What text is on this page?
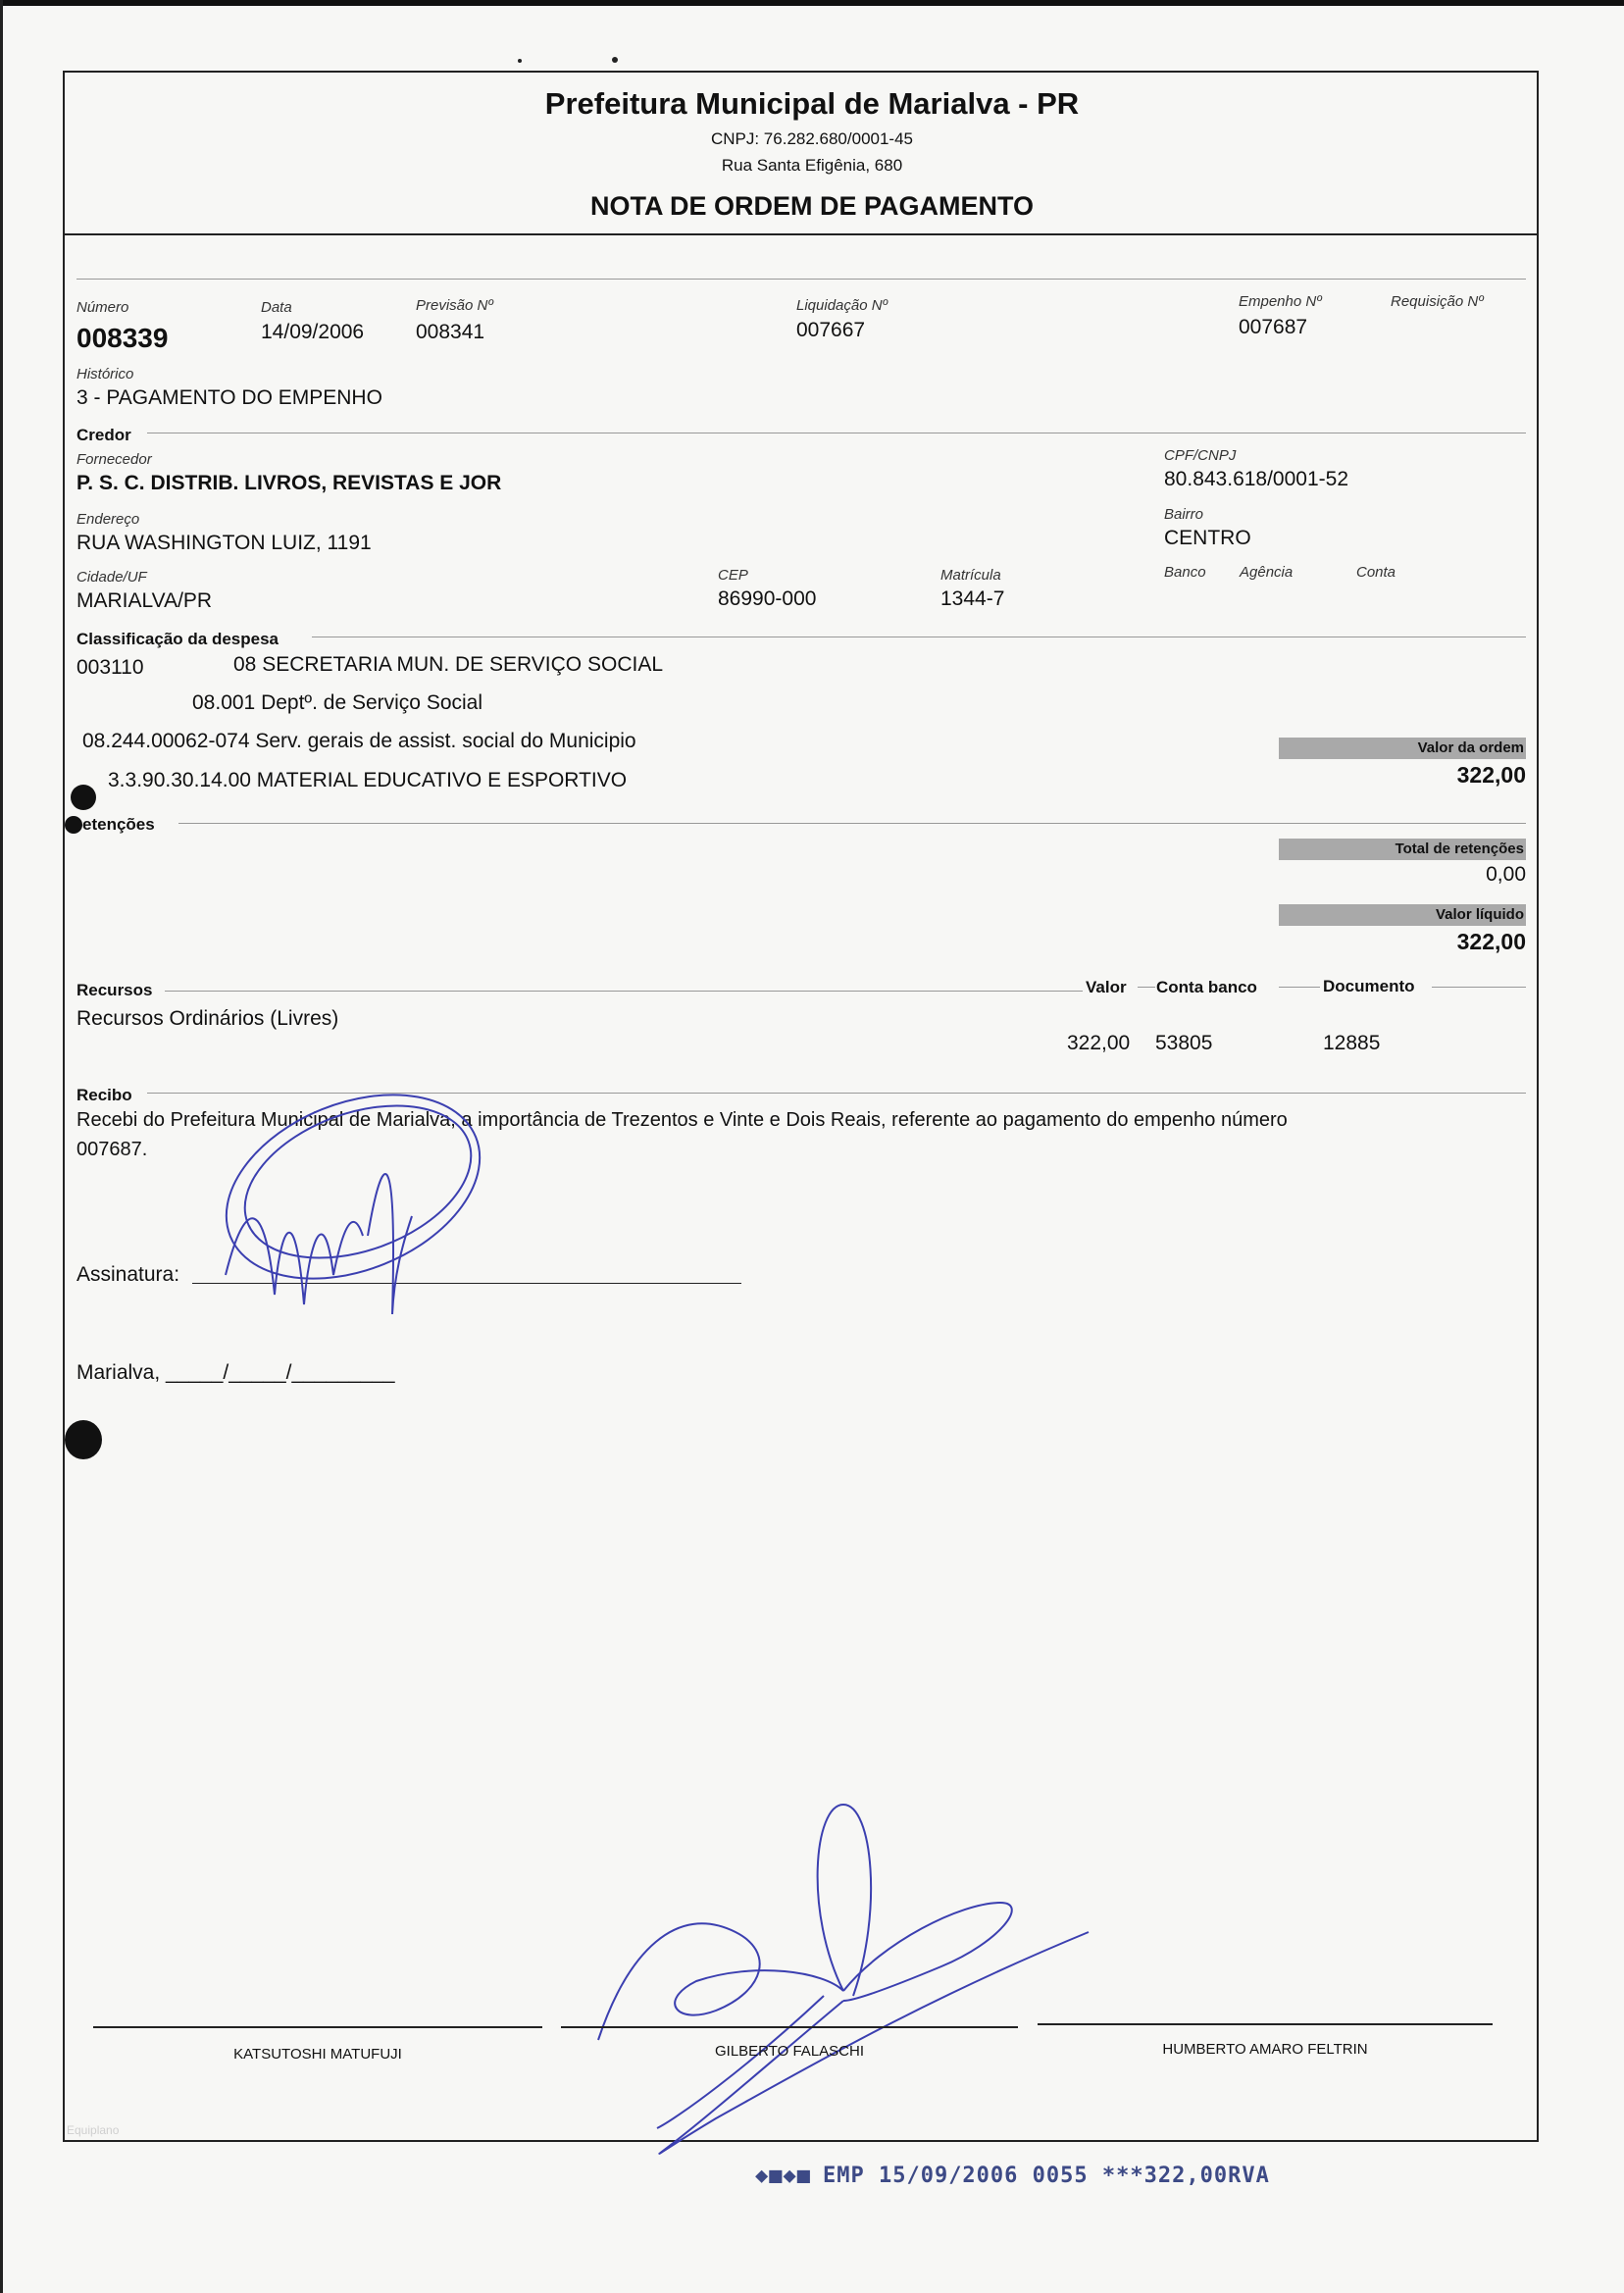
Prefeitura Municipal de Marialva - PR
CNPJ: 76.282.680/0001-45
Rua Santa Efigênia, 680
NOTA DE ORDEM DE PAGAMENTO
Número
008339
Data
14/09/2006
Previsão Nº
008341
Liquidação Nº
007667
Empenho Nº
007687
Requisição Nº
Histórico
3 - PAGAMENTO DO EMPENHO
Credor
Fornecedor
P. S. C. DISTRIB. LIVROS, REVISTAS E JOR
CPF/CNPJ
80.843.618/0001-52
Endereço
RUA WASHINGTON LUIZ, 1191
Bairro
CENTRO
Cidade/UF
MARIALVA/PR
CEP
86990-000
Matrícula
1344-7
Banco Agência	Conta
Classificação da despesa
003110	08 SECRETARIA MUN. DE SERVIÇO SOCIAL
08.001 Deptº. de Serviço Social
08.244.00062-074 Serv. gerais de assist. social do Municipio
3.3.90.30.14.00 MATERIAL EDUCATIVO E ESPORTIVO
Valor da ordem
322,00
etenções
Total de retenções
0,00
Valor líquido
322,00
Recursos	Valor Conta banco	Documento
Recursos Ordinários (Livres)
322,00 53805	12885
Recibo
Recebi do Prefeitura Municipal de Marialva, a importância de Trezentos e Vinte e Dois Reais, referente ao pagamento do empenho número
007687.
Assinatura:
Marialva, _____/_____/_________
KATSUTOSHI MATUFUJI	GILBERTO FALASCHI	HUMBERTO AMARO FELTRIN
Equiplano
◆■◆■ EMP 15/09/2006 0055 ***322,00RVA
